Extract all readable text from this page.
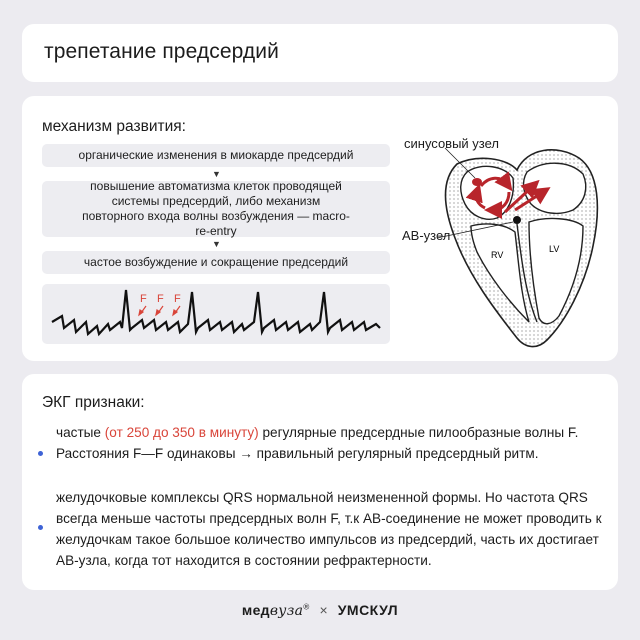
трепетание предсердий
механизм развития:
органические изменения в миокарде предсердий
▼
повышение автоматизма клеток проводящей системы предсердий, либо механизм повторного входа волны возбуждения — macro-re-entry
▼
частое возбуждение и сокращение предсердий
F F F
RV
LV
синусовый узел
АВ-узел
ЭКГ признаки:
частые (от 250 до 350 в минуту) регулярные предсердные пилообразные волны F. Расстояния F—F одинаковы → правильный регулярный предсердный ритм.
желудочковые комплексы QRS нормальной неизмененной формы. Но частота QRS всегда меньше частоты предсердных волн F, т.к АВ-соединение не может проводить к желудочкам такое большое количество импульсов из предсердий, часть их достигает АВ-узла, когда тот находится в состоянии рефрактерности.
медвуза® × УМСКУЛ
